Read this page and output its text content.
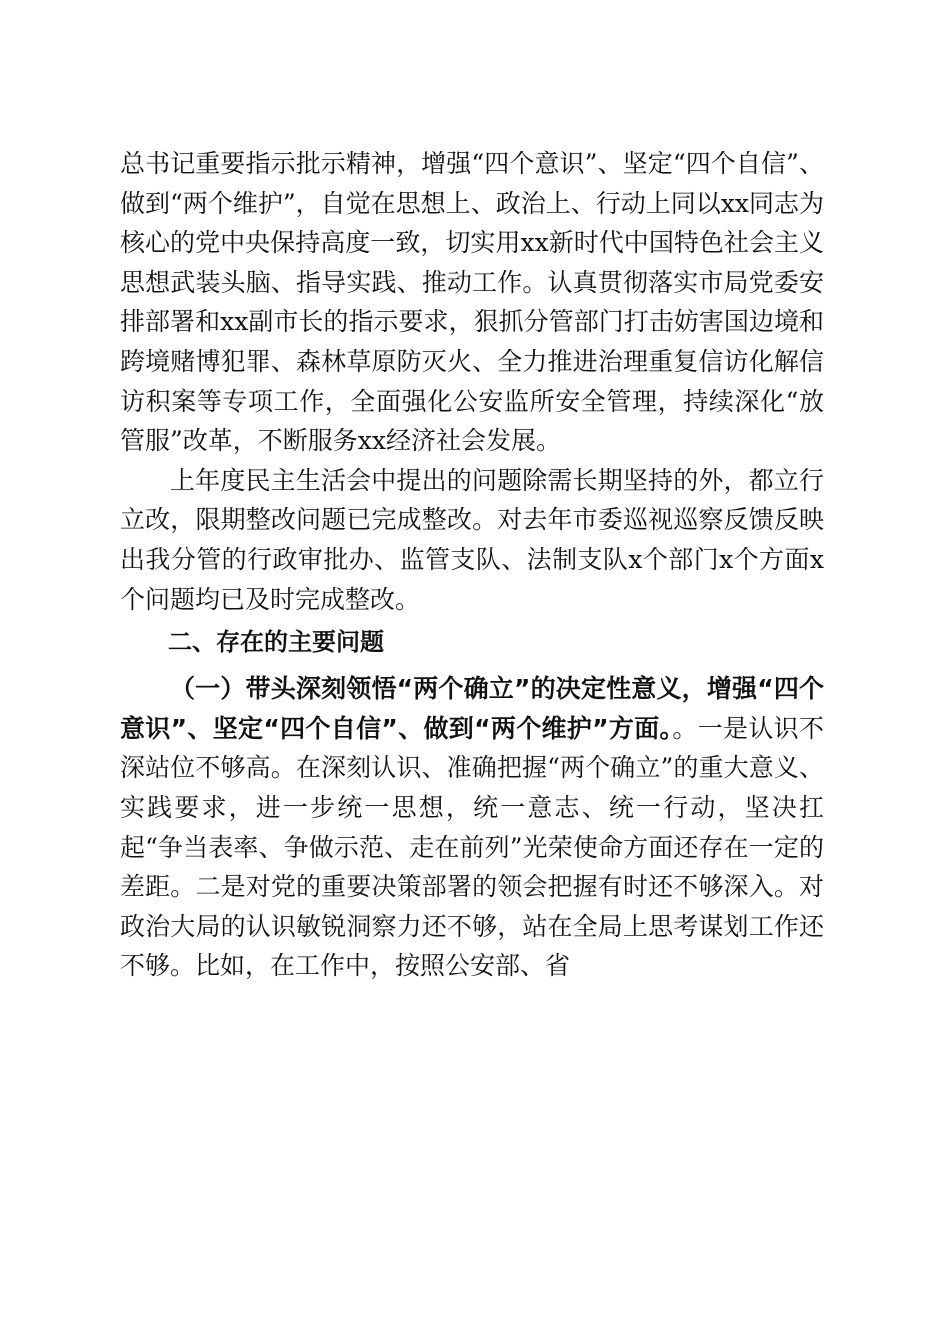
总书记重要指示批示精神，增强“四个意识”、坚定“四个自信”、做到“两个维护”，自觉在思想上、政治上、行动上同以xx同志为核心的党中央保持高度一致，切实用xx新时代中国特色社会主义思想武装头脑、指导实践、推动工作。认真贯彻落实市局党委安排部署和xx副市长的指示要求，狠抓分管部门打击妨害国边境和跨境赌博犯罪、森林草原防灭火、全力推进治理重复信访化解信访积案等专项工作，全面强化公安监所安全管理，持续深化“放管服”改革，不断服务xx经济社会发展。

上年度民主生活会中提出的问题除需长期坚持的外，都立行立改，限期整改问题已完成整改。对去年市委巡视巡察反馈反映出我分管的行政审批办、监管支队、法制支队x个部门x个方面x个问题均已及时完成整改。

二、存在的主要问题

（一）带头深刻领悟“两个确立”的决定性意义，增强“四个意识”、坚定“四个自信”、做到“两个维护”方面。。一是认识不深站位不够高。在深刻认识、准确把握“两个确立”的重大意义、实践要求，进一步统一思想，统一意志、统一行动，坚决扛起“争当表率、争做示范、走在前列”光荣使命方面还存在一定的差距。二是对党的重要决策部署的领会把握有时还不够深入。对政治大局的认识敏锐洞察力还不够，站在全局上思考谋划工作还不够。比如，在工作中，按照公安部、省
